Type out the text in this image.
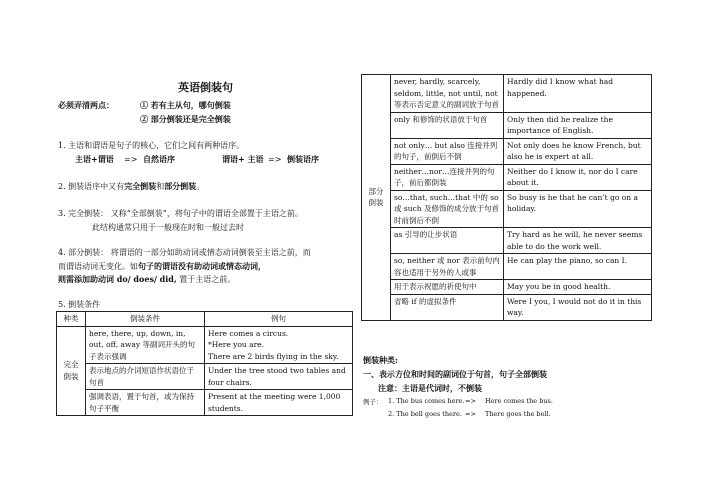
英语倒装句
必须弄清两点：	① 若有主从句，哪句倒装
② 部分倒装还是完全倒装
1. 主语和谓语是句子的核心，它们之间有两种语序。
主语+谓语 => 自然语序	谓语+ 主语 => 倒装语序
2. 倒装语序中又有完全倒装和部分倒装。
3. 完全倒装： 又称“全部倒装”，将句子中的谓语全部置于主语之前。
此结构通常只用于一般现在时和一般过去时
4. 部分倒装： 将谓语的一部分如助动词或情态动词倒装至主语之前，而
而谓语动词无变化。如句子的谓语没有助动词或情态动词，
则需添加助动词 do/ does/ did, 置于主语之前。
5. 倒装条件
种类	倒装条件	例句
完全倒装	here, there, up, down, in, out, off, away 等副词开头的句子表示强调	Here comes a circus.
*Here you are.
There are 2 birds flying in the sky.

	表示地点的介词短语作状语位于句首	Under the tree stood two tables and four chairs.
	强调表语，置于句首，或为保持句子平衡	Present at the meeting were 1,000 students.
部分倒装	never, hardly, scarcely, seldom, little, not until, not 等表示否定意义的副词放于句首	Hardly did I know what had happened.
	only 和修饰的状语放于句首	Only then did he realize the importance of English.
	not only… but also 连接并列的句子，前倒后不倒	Not only does he know French, but also he is expert at all.
	neither…nor…连接并列的句子，前后都倒装	Neither do I know it, nor do I care about it.
	so…that, such…that 中的 so 或 such 及修饰的成分放于句首时前倒后不倒	So busy is he that he can’t go on a holiday.
	as 引导的让步状语	Try hard as he will, he never seems able to do the work well.
	so, neither 或 nor 表示前句内容也适用于另外的人或事	He can play the piano, so can I.
	用于表示祝愿的祈使句中	May you be in good health.
	省略 if 的虚拟条件	Were I you, I would not do it in this way.
倒装种类:
一、表示方位和时间的副词位于句首，句子全部倒装
注意：主语是代词时，不倒装
例子： 1. The bus comes here. => Here comes the bus.
2. The bell goes there. => There goes the bell.
